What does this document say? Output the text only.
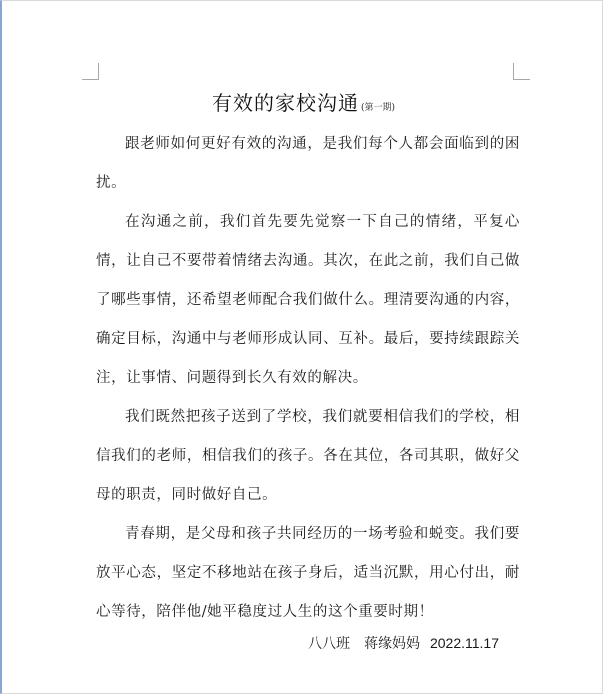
有效的家校沟通 (第一期)

跟老师如何更好有效的沟通，是我们每个人都会面临到的困扰。

在沟通之前，我们首先要先觉察一下自己的情绪，平复心情，让自己不要带着情绪去沟通。其次，在此之前，我们自己做了哪些事情，还希望老师配合我们做什么。理清要沟通的内容，确定目标，沟通中与老师形成认同、互补。最后，要持续跟踪关注，让事情、问题得到长久有效的解决。

我们既然把孩子送到了学校，我们就要相信我们的学校，相信我们的老师，相信我们的孩子。各在其位，各司其职，做好父母的职责，同时做好自己。

青春期，是父母和孩子共同经历的一场考验和蜕变。我们要放平心态，坚定不移地站在孩子身后，适当沉默，用心付出，耐心等待，陪伴他/她平稳度过人生的这个重要时期！

八八班 蒋缘妈妈 2022.11.17
